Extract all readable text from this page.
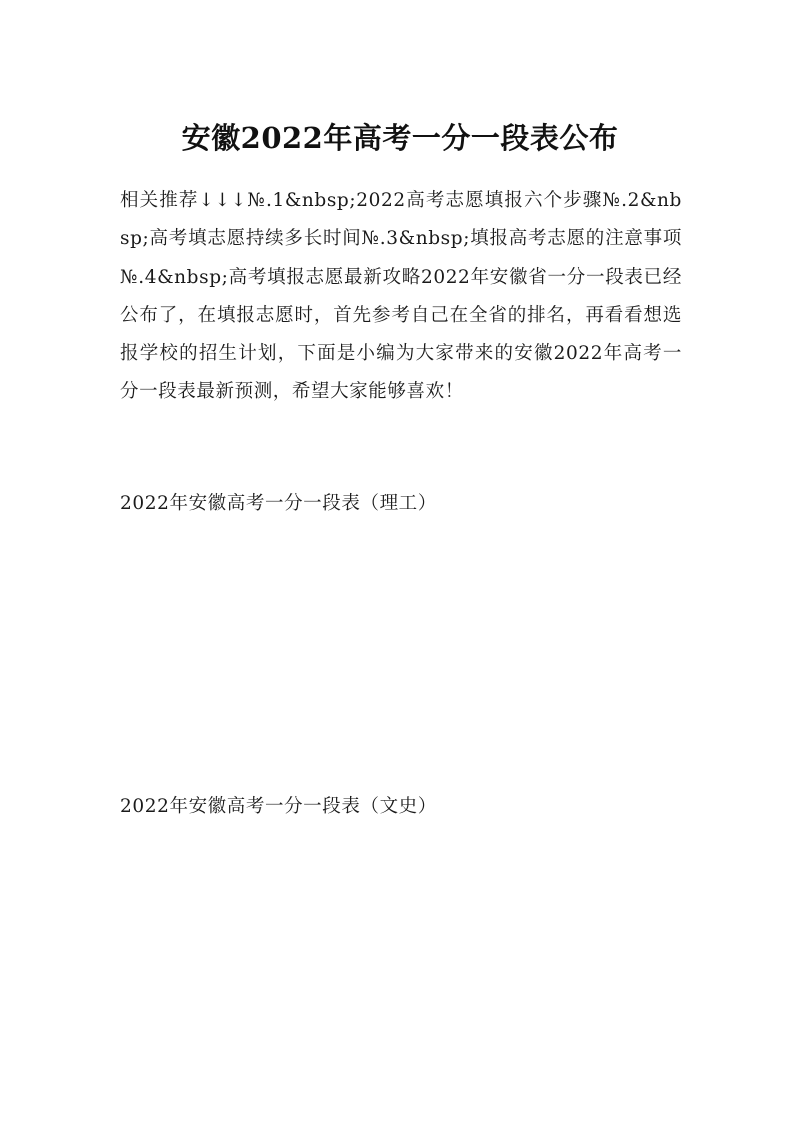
安徽2022年高考一分一段表公布

相关推荐↓↓↓№.1&nbsp;2022高考志愿填报六个步骤№.2&nbsp;高考填志愿持续多长时间№.3&nbsp;填报高考志愿的注意事项№.4&nbsp;高考填报志愿最新攻略2022年安徽省一分一段表已经公布了，在填报志愿时，首先参考自己在全省的排名，再看看想选报学校的招生计划，下面是小编为大家带来的安徽2022年高考一分一段表最新预测，希望大家能够喜欢！

2022年安徽高考一分一段表（理工）
2022年安徽高考一分一段表（文史）
